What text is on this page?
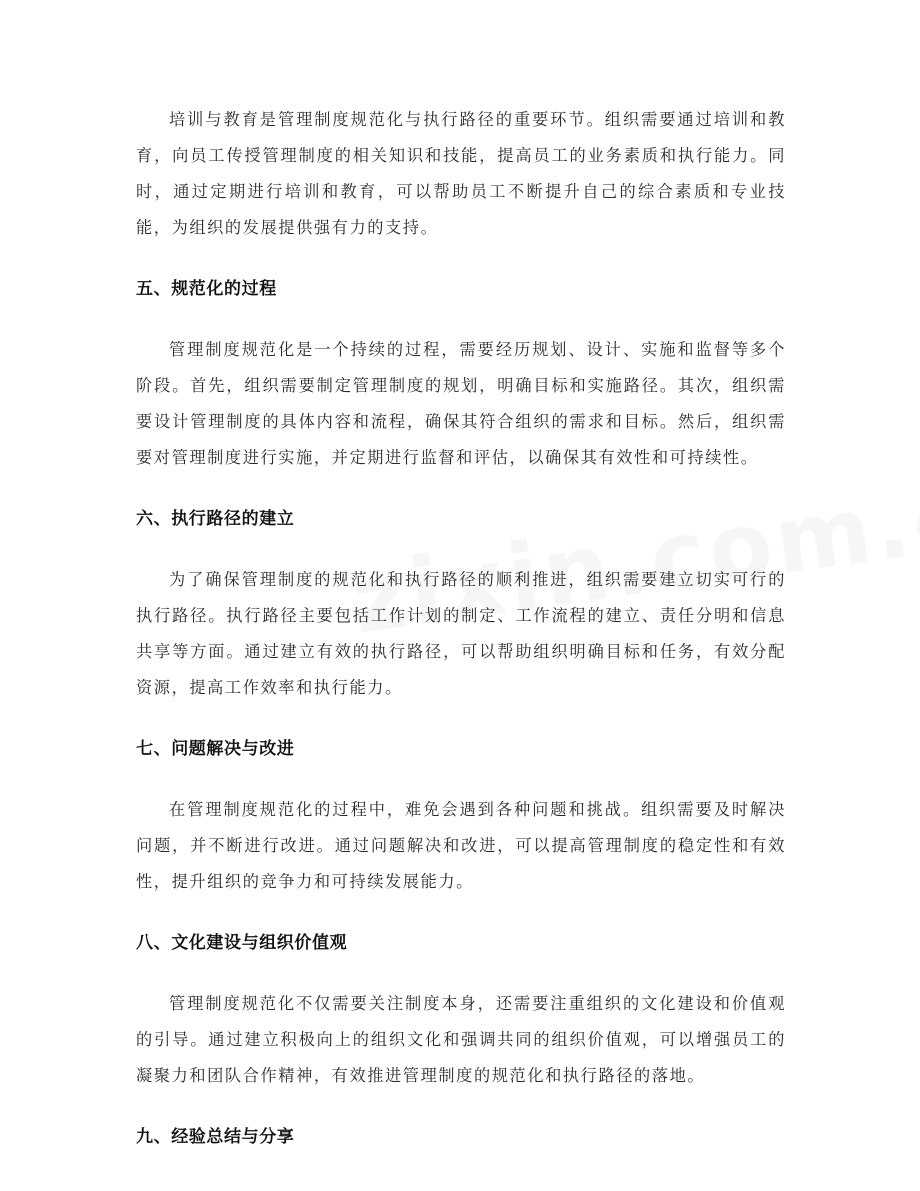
培训与教育是管理制度规范化与执行路径的重要环节。组织需要通过培训和教育，向员工传授管理制度的相关知识和技能，提高员工的业务素质和执行能力。同时，通过定期进行培训和教育，可以帮助员工不断提升自己的综合素质和专业技能，为组织的发展提供强有力的支持。

五、规范化的过程

管理制度规范化是一个持续的过程，需要经历规划、设计、实施和监督等多个阶段。首先，组织需要制定管理制度的规划，明确目标和实施路径。其次，组织需要设计管理制度的具体内容和流程，确保其符合组织的需求和目标。然后，组织需要对管理制度进行实施，并定期进行监督和评估，以确保其有效性和可持续性。

六、执行路径的建立

为了确保管理制度的规范化和执行路径的顺利推进，组织需要建立切实可行的执行路径。执行路径主要包括工作计划的制定、工作流程的建立、责任分明和信息共享等方面。通过建立有效的执行路径，可以帮助组织明确目标和任务，有效分配资源，提高工作效率和执行能力。

七、问题解决与改进

在管理制度规范化的过程中，难免会遇到各种问题和挑战。组织需要及时解决问题，并不断进行改进。通过问题解决和改进，可以提高管理制度的稳定性和有效性，提升组织的竞争力和可持续发展能力。

八、文化建设与组织价值观

管理制度规范化不仅需要关注制度本身，还需要注重组织的文化建设和价值观的引导。通过建立积极向上的组织文化和强调共同的组织价值观，可以增强员工的凝聚力和团队合作精神，有效推进管理制度的规范化和执行路径的落地。

九、经验总结与分享
